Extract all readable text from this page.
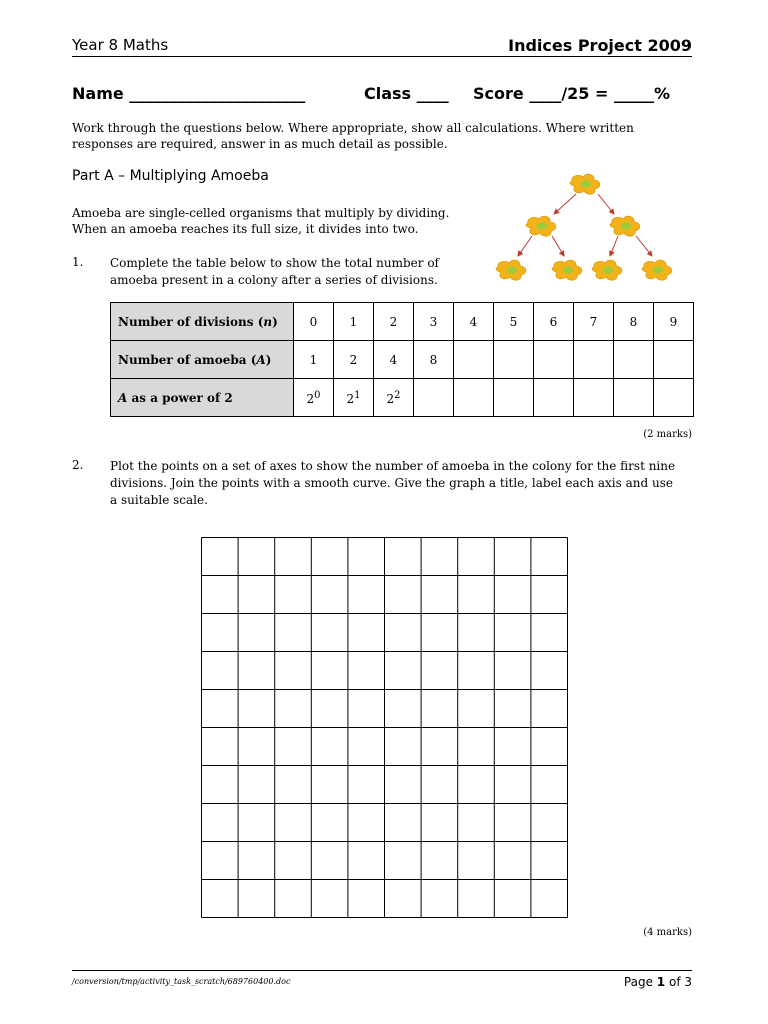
Year 8 Maths	Indices Project 2009
Name ______________________	Class ____ Score ____/25 = _____%
Work through the questions below. Where appropriate, show all calculations. Where written
responses are required, answer in as much detail as possible.
Part A – Multiplying Amoeba
Amoeba are single-celled organisms that multiply by dividing.
When an amoeba reaches its full size, it divides into two.
1. Complete the table below to show the total number of
amoeba present in a colony after a series of divisions.
Number of divisions (n)	0	1	2	3	4	5	6	7	8	9
Number of amoeba (A)	1	2	4	8						
A as a power of 2	$2^0$	$2^1$	$2^2$							
(2 marks)
2. Plot the points on a set of axes to show the number of amoeba in the colony for the first nine
divisions. Join the points with a smooth curve. Give the graph a title, label each axis and use
a suitable scale.
(4 marks)
/conversion/tmp/activity_task_scratch/689760400.doc	Page 1 of 3
